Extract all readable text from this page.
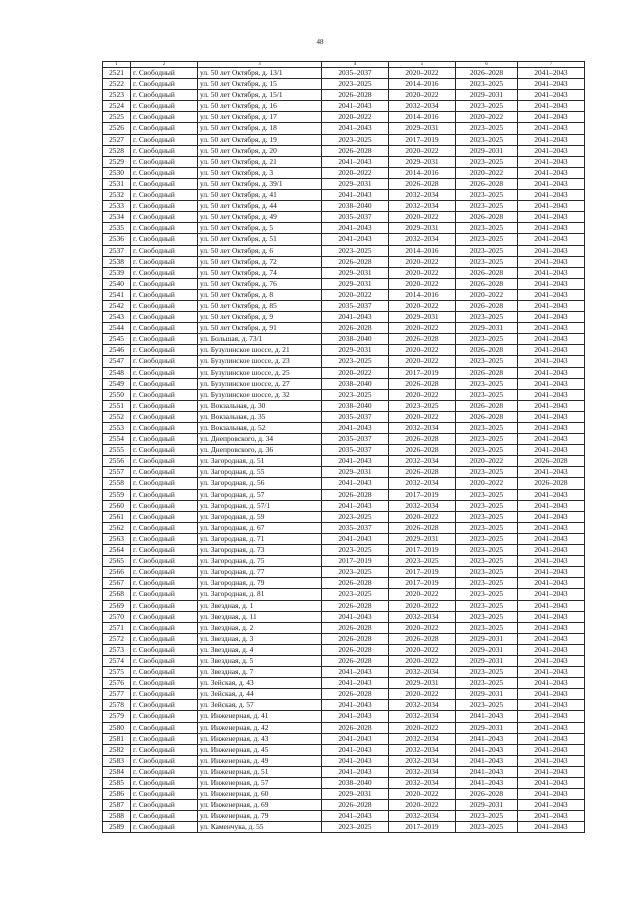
48
1	2	3	4	5	6	7
2521	г. Свободный	ул. 50 лет Октября, д. 13/1	2035–2037	2020–2022	2026–2028	2041–2043
2522	г. Свободный	ул. 50 лет Октября, д. 15	2023–2025	2014–2016	2023–2025	2041–2043
2523	г. Свободный	ул. 50 лет Октября, д. 15/1	2026–2028	2020–2022	2029–2031	2041–2043
2524	г. Свободный	ул. 50 лет Октября, д. 16	2041–2043	2032–2034	2023–2025	2041–2043
2525	г. Свободный	ул. 50 лет Октября, д. 17	2020–2022	2014–2016	2020–2022	2041–2043
2526	г. Свободный	ул. 50 лет Октября, д. 18	2041–2043	2029–2031	2023–2025	2041–2043
2527	г. Свободный	ул. 50 лет Октября, д. 19	2023–2025	2017–2019	2023–2025	2041–2043
2528	г. Свободный	ул. 50 лет Октября, д. 20	2026–2028	2020–2022	2029–2031	2041–2043
2529	г. Свободный	ул. 50 лет Октября, д. 21	2041–2043	2029–2031	2023–2025	2041–2043
2530	г. Свободный	ул. 50 лет Октября, д. 3	2020–2022	2014–2016	2020–2022	2041–2043
2531	г. Свободный	ул. 50 лет Октября, д. 39/1	2029–2031	2026–2028	2026–2028	2041–2043
2532	г. Свободный	ул. 50 лет Октября, д. 41	2041–2043	2032–2034	2023–2025	2041–2043
2533	г. Свободный	ул. 50 лет Октября, д. 44	2038–2040	2032–2034	2023–2025	2041–2043
2534	г. Свободный	ул. 50 лет Октября, д. 49	2035–2037	2020–2022	2026–2028	2041–2043
2535	г. Свободный	ул. 50 лет Октября, д. 5	2041–2043	2029–2031	2023–2025	2041–2043
2536	г. Свободный	ул. 50 лет Октября, д. 51	2041–2043	2032–2034	2023–2025	2041–2043
2537	г. Свободный	ул. 50 лет Октября, д. 6	2023–2025	2014–2016	2023–2025	2041–2043
2538	г. Свободный	ул. 50 лет Октября, д. 72	2026–2028	2020–2022	2023–2025	2041–2043
2539	г. Свободный	ул. 50 лет Октября, д. 74	2029–2031	2020–2022	2026–2028	2041–2043
2540	г. Свободный	ул. 50 лет Октября, д. 76	2029–2031	2020–2022	2026–2028	2041–2043
2541	г. Свободный	ул. 50 лет Октября, д. 8	2020–2022	2014–2016	2020–2022	2041–2043
2542	г. Свободный	ул. 50 лет Октября, д. 85	2035–2037	2020–2022	2026–2028	2041–2043
2543	г. Свободный	ул. 50 лет Октября, д. 9	2041–2043	2029–2031	2023–2025	2041–2043
2544	г. Свободный	ул. 50 лет Октября, д. 91	2026–2028	2020–2022	2029–2031	2041–2043
2545	г. Свободный	ул. Большая, д. 73/1	2038–2040	2026–2028	2023–2025	2041–2043
2546	г. Свободный	ул. Бузулинское шоссе, д. 21	2029–2031	2020–2022	2026–2028	2041–2043
2547	г. Свободный	ул. Бузулинское шоссе, д. 23	2023–2025	2020–2022	2023–2025	2041–2043
2548	г. Свободный	ул. Бузулинское шоссе, д. 25	2020–2022	2017–2019	2026–2028	2041–2043
2549	г. Свободный	ул. Бузулинское шоссе, д. 27	2038–2040	2026–2028	2023–2025	2041–2043
2550	г. Свободный	ул. Бузулинское шоссе, д. 32	2023–2025	2020–2022	2023–2025	2041–2043
2551	г. Свободный	ул. Вокзальная, д. 30	2038–2040	2023–2025	2026–2028	2041–2043
2552	г. Свободный	ул. Вокзальная, д. 35	2035–2037	2020–2022	2026–2028	2041–2043
2553	г. Свободный	ул. Вокзальная, д. 52	2041–2043	2032–2034	2023–2025	2041–2043
2554	г. Свободный	ул. Днепровского, д. 34	2035–2037	2026–2028	2023–2025	2041–2043
2555	г. Свободный	ул. Днепровского, д. 36	2035–2037	2026–2028	2023–2025	2041–2043
2556	г. Свободный	ул. Загородная, д. 51	2041–2043	2032–2034	2020–2022	2026–2028
2557	г. Свободный	ул. Загородная, д. 55	2029–2031	2026–2028	2023–2025	2041–2043
2558	г. Свободный	ул. Загородная, д. 56	2041–2043	2032–2034	2020–2022	2026–2028
2559	г. Свободный	ул. Загородная, д. 57	2026–2028	2017–2019	2023–2025	2041–2043
2560	г. Свободный	ул. Загородная, д. 57/1	2041–2043	2032–2034	2023–2025	2041–2043
2561	г. Свободный	ул. Загородная, д. 59	2023–2025	2020–2022	2023–2025	2041–2043
2562	г. Свободный	ул. Загородная, д. 67	2035–2037	2026–2028	2023–2025	2041–2043
2563	г. Свободный	ул. Загородная, д. 71	2041–2043	2029–2031	2023–2025	2041–2043
2564	г. Свободный	ул. Загородная, д. 73	2023–2025	2017–2019	2023–2025	2041–2043
2565	г. Свободный	ул. Загородная, д. 75	2017–2019	2023–2025	2023–2025	2041–2043
2566	г. Свободный	ул. Загородная, д. 77	2023–2025	2017–2019	2023–2025	2041–2043
2567	г. Свободный	ул. Загородная, д. 79	2026–2028	2017–2019	2023–2025	2041–2043
2568	г. Свободный	ул. Загородная, д. 81	2023–2025	2020–2022	2023–2025	2041–2043
2569	г. Свободный	ул. Звездная, д. 1	2026–2028	2020–2022	2023–2025	2041–2043
2570	г. Свободный	ул. Звездная, д. 11	2041–2043	2032–2034	2023–2025	2041–2043
2571	г. Свободный	ул. Звездная, д. 2	2026–2028	2020–2022	2023–2025	2041–2043
2572	г. Свободный	ул. Звездная, д. 3	2026–2028	2026–2028	2029–2031	2041–2043
2573	г. Свободный	ул. Звездная, д. 4	2026–2028	2020–2022	2029–2031	2041–2043
2574	г. Свободный	ул. Звездная, д. 5	2026–2028	2020–2022	2029–2031	2041–2043
2575	г. Свободный	ул. Звездная, д. 7	2041–2043	2032–2034	2023–2025	2041–2043
2576	г. Свободный	ул. Зейская, д. 43	2041–2043	2029–2031	2023–2025	2041–2043
2577	г. Свободный	ул. Зейская, д. 44	2026–2028	2020–2022	2029–2031	2041–2043
2578	г. Свободный	ул. Зейская, д. 57	2041–2043	2032–2034	2023–2025	2041–2043
2579	г. Свободный	ул. Инженерная, д. 41	2041–2043	2032–2034	2041–2043	2041–2043
2580	г. Свободный	ул. Инженерная, д. 42	2026–2028	2020–2022	2029–2031	2041–2043
2581	г. Свободный	ул. Инженерная, д. 43	2041–2043	2032–2034	2041–2043	2041–2043
2582	г. Свободный	ул. Инженерная, д. 45	2041–2043	2032–2034	2041–2043	2041–2043
2583	г. Свободный	ул. Инженерная, д. 49	2041–2043	2032–2034	2041–2043	2041–2043
2584	г. Свободный	ул. Инженерная, д. 51	2041–2043	2032–2034	2041–2043	2041–2043
2585	г. Свободный	ул. Инженерная, д. 57	2038–2040	2032–2034	2041–2043	2041–2043
2586	г. Свободный	ул. Инженерная, д. 60	2029–2031	2020–2022	2026–2028	2041–2043
2587	г. Свободный	ул. Инженерная, д. 69	2026–2028	2020–2022	2029–2031	2041–2043
2588	г. Свободный	ул. Инженерная, д. 79	2041–2043	2032–2034	2023–2025	2041–2043
2589	г. Свободный	ул. Каменчука, д. 55	2023–2025	2017–2019	2023–2025	2041–2043
